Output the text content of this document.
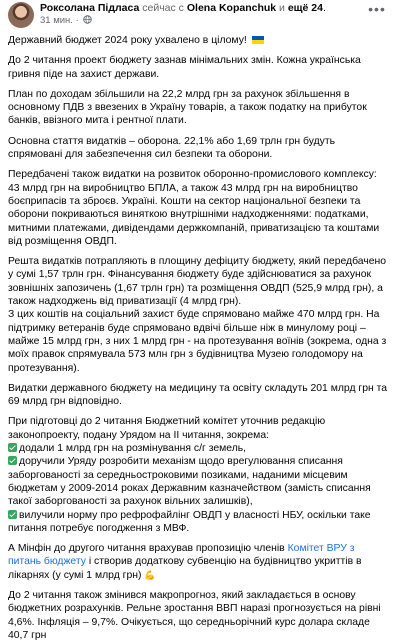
Роксолана Підласа сейчас с Olena Kopanchuk и ещё 24.
31 мин. ·
•••

Державний бюджет 2024 року ухвалено в цілому!

До 2 читання проект бюджету зазнав мінімальних змін. Кожна українська гривня піде на захист держави.

План по доходам збільшили на 22,2 млрд грн за рахунок збільшення в основному ПДВ з ввезених в Україну товарів, а також податку на прибуток банків, ввізного мита і рентної плати.

Основна стаття видатків – оборона. 22,1% або 1,69 трлн грн будуть спрямовані для забезпечення сил безпеки та оборони.

Передбачені також видатки на розвиток оборонно-промислового комплексу: 43 млрд грн на виробництво БПЛА, а також 43 млрд грн на виробництво боєприпасів та зброєв. Україні. Кошти на сектор національної безпеки та оборони покриваються виняткою внутрішніми надходженнями: податками, митними платежами, дивідендами держкомпаній, приватизацією та коштами від розміщення ОВДП.

Решта видатків потрапляють в площину дефіциту бюджету, який передбачено у сумі 1,57 трлн грн. Фінансування бюджету буде здійснюватися за рахунок зовнішніх запозичень (1,67 трлн грн) та розміщення ОВДП (525,9 млрд грн), а також надходжень від приватизації (4 млрд грн).

З цих коштів на соціальний захист буде спрямовано майже 470 млрд грн. На підтримку ветеранів буде спрямовано вдвічі більше ніж в минулому році – майже 15 млрд грн, з них 1 млрд грн - на протезування воїнів (зокрема, одна з моїх правок спрямувала 573 млн грн з будівництва Музею голодомору на протезування).

Видатки державного бюджету на медицину та освіту складуть 201 млрд грн та 69 млрд грн відповідно.

При підготовці до 2 читання Бюджетний комітет уточнив редакцію законопроекту, подану Урядом на ІІ читання, зокрема:

додали 1 млрд грн на розмінування с/г земель,

доручили Уряду розробити механізм щодо врегулювання списання заборгованості за середньостроковими позиками, наданими місцевим бюджетам у 2009-2014 роках Державним казначейством (замість списання такої заборгованості за рахунок вільних залишків),

вилучили норму про рефрофайлінг ОВДП у власності НБУ, оскільки таке питання потребує погодження з МВФ.

А Мінфін до другого читання врахував пропозицію членів Комітет ВРУ з питань бюджету і створив додаткову субвенцію на будівництво укриттів в лікарнях (у сумі 1 млрд грн) 💪

До 2 читання також змінився макропрогноз, який закладається в основу бюджетних розрахунків. Рельне зростання ВВП наразі прогнозується на рівні 4,6%. Інфляція – 9,7%. Очікується, що середньорічний курс долара складе 40,7 грн
